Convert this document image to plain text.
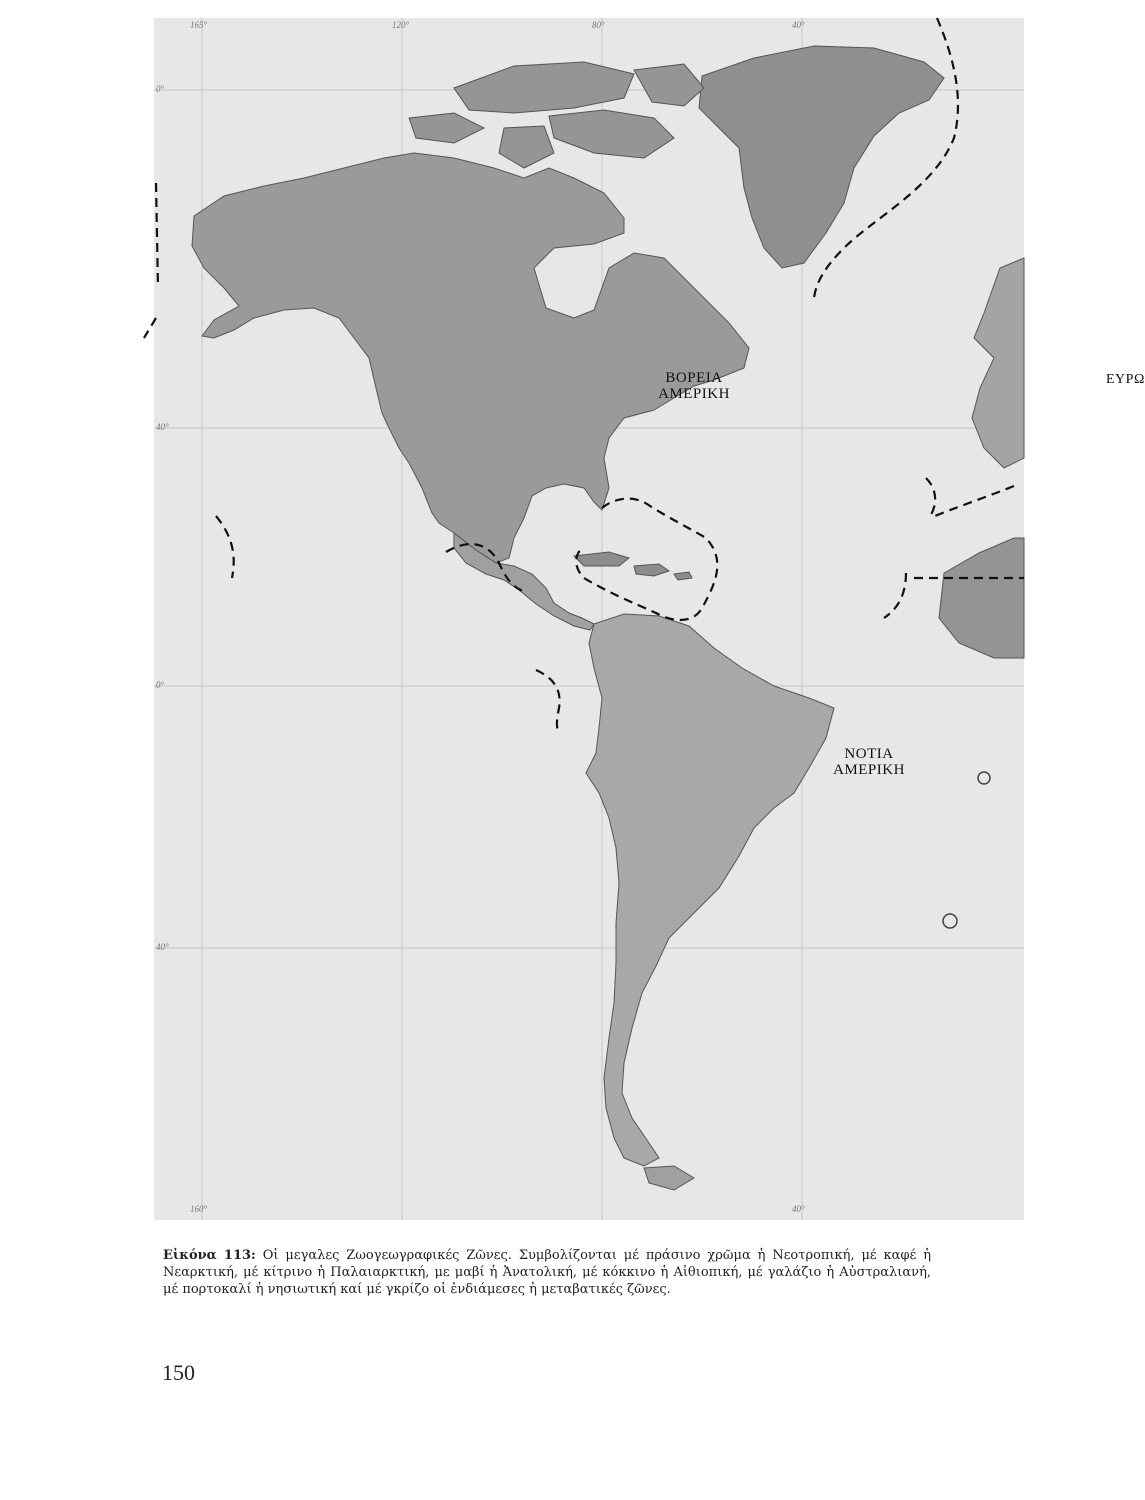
ΒΟΡΕΙΑ
ΑΜΕΡΙΚΗ
ΝΟΤΙΑ
ΑΜΕΡΙΚΗ
ΕΥΡΩ
165°	120°	80°	40°
0°
40°
0°
40°
160°	40°
Εἰκόνα 113: Οἱ μεγαλες Ζωογεωγραφικές Ζῶνες. Συμβολίζονται μέ πράσινο χρῶμα ἡ Νεοτροπική, μέ καφέ ἡ Νεαρκτική, μέ κίτρινο ἡ Παλαιαρκτική, με μαβί ἡ Ἀνατολική, μέ κόκκινο ἡ Αἰθιοπική, μέ γαλάζιο ἡ Αὐστραλιανή, μέ πορτοκαλί ἡ νησιωτική καί μέ γκρίζο οἱ ἐνδιάμεσες ἡ μεταβατικές ζῶνες.
150
